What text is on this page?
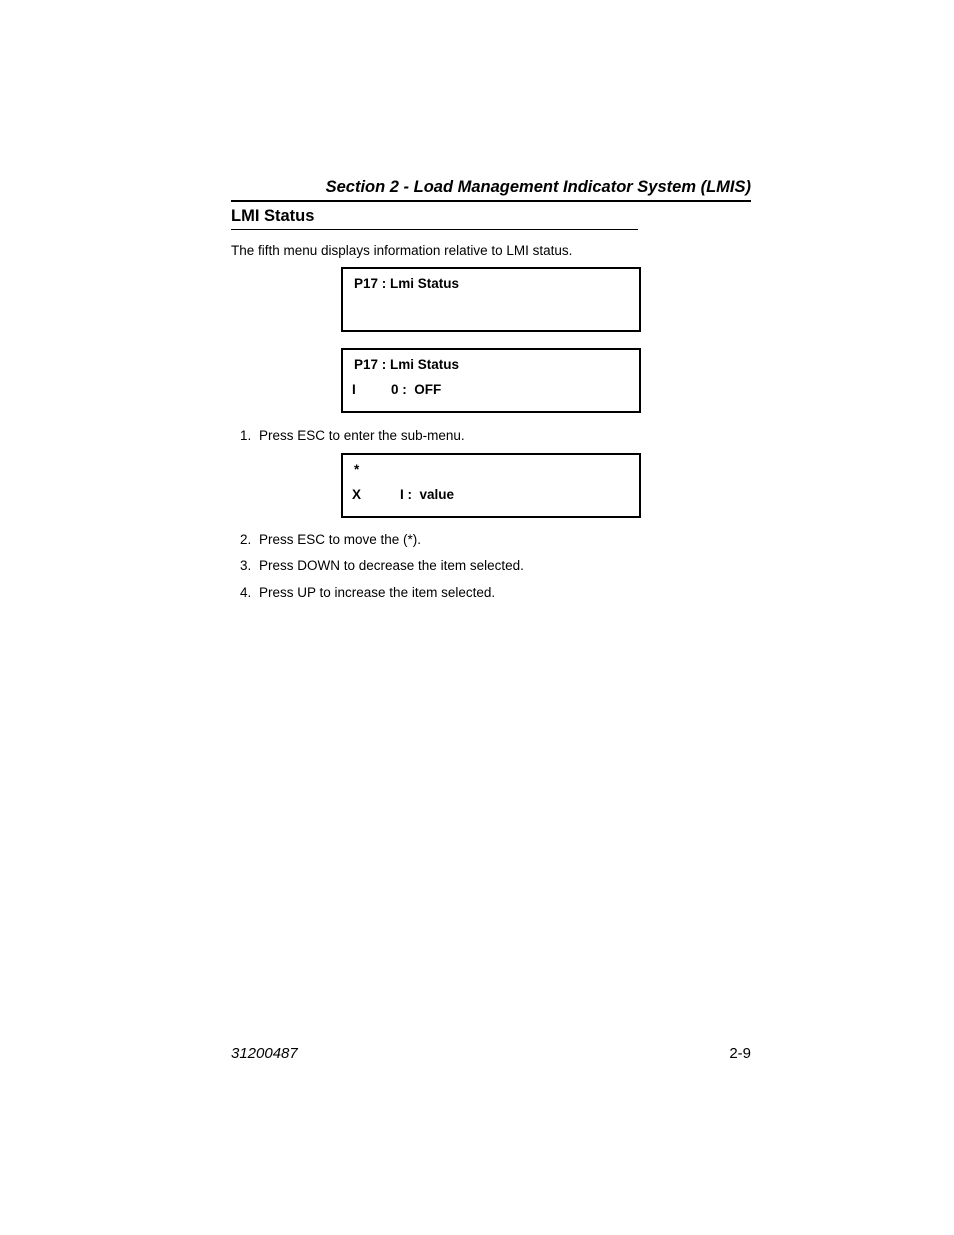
Section 2 - Load Management Indicator System (LMIS)
LMI Status
The fifth menu displays information relative to LMI status.
P17 : Lmi Status
P17 : Lmi Status
I	0 :  OFF
1. Press ESC to enter the sub-menu.
*
X	I :  value
2. Press ESC to move the (*).
3. Press DOWN to decrease the item selected.
4. Press UP to increase the item selected.
31200487	2-9
